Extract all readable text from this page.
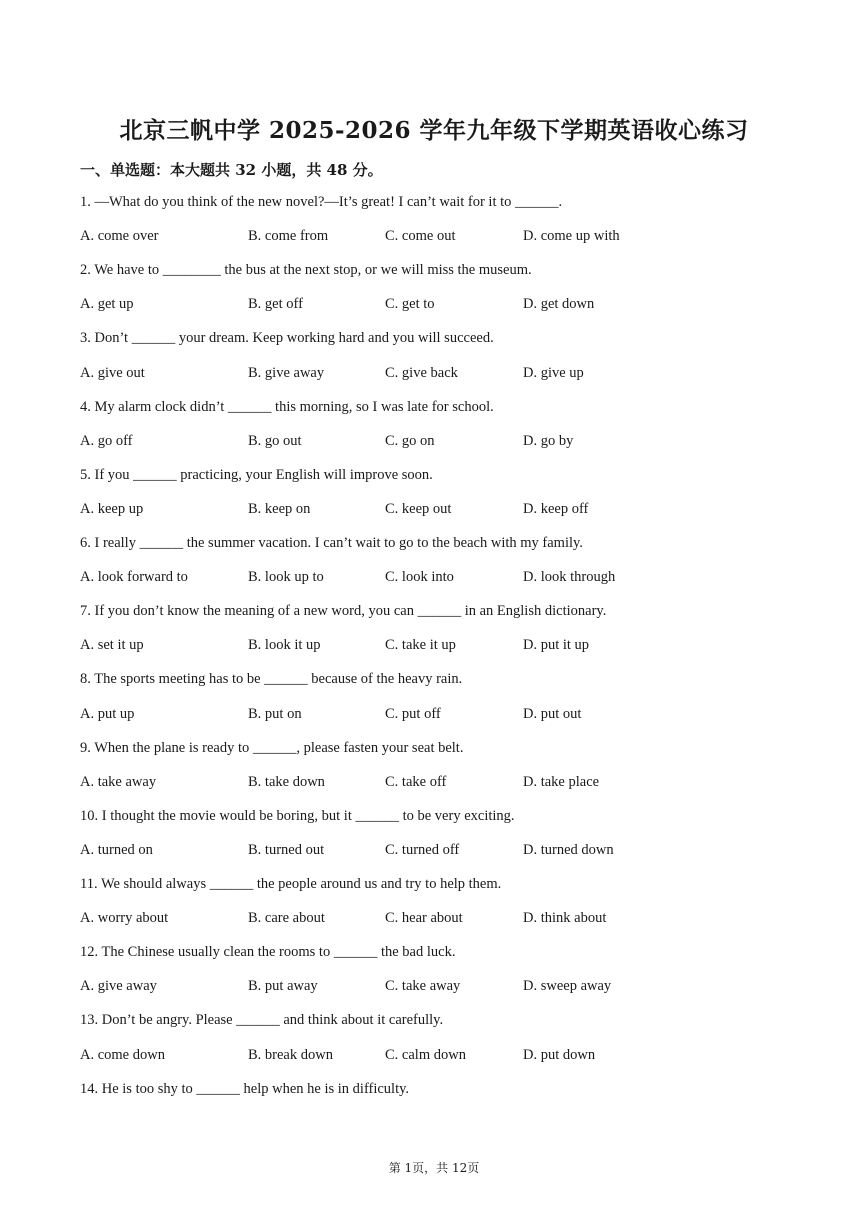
北京三帆中学 2025-2026 学年九年级下学期英语收心练习
一、单选题：本大题共 32 小题，共 48 分。
1. —What do you think of the new novel?—It’s great! I can’t wait for it to ______.
A. come over	B. come from	C. come out	D. come up with
2. We have to ________ the bus at the next stop, or we will miss the museum.
A. get up	B. get off	C. get to	D. get down
3. Don’t ______ your dream. Keep working hard and you will succeed.
A. give out	B. give away	C. give back	D. give up
4. My alarm clock didn’t ______ this morning, so I was late for school.
A. go off	B. go out	C. go on	D. go by
5. If you ______ practicing, your English will improve soon.
A. keep up	B. keep on	C. keep out	D. keep off
6. I really ______ the summer vacation. I can’t wait to go to the beach with my family.
A. look forward to	B. look up to	C. look into	D. look through
7. If you don’t know the meaning of a new word, you can ______ in an English dictionary.
A. set it up	B. look it up	C. take it up	D. put it up
8. The sports meeting has to be ______ because of the heavy rain.
A. put up	B. put on	C. put off	D. put out
9. When the plane is ready to ______, please fasten your seat belt.
A. take away	B. take down	C. take off	D. take place
10. I thought the movie would be boring, but it ______ to be very exciting.
A. turned on	B. turned out	C. turned off	D. turned down
11. We should always ______ the people around us and try to help them.
A. worry about	B. care about	C. hear about	D. think about
12. The Chinese usually clean the rooms to ______ the bad luck.
A. give away	B. put away	C. take away	D. sweep away
13. Don’t be angry. Please ______ and think about it carefully.
A. come down	B. break down	C. calm down	D. put down
14. He is too shy to ______ help when he is in difficulty.
第 1页，共 12页
